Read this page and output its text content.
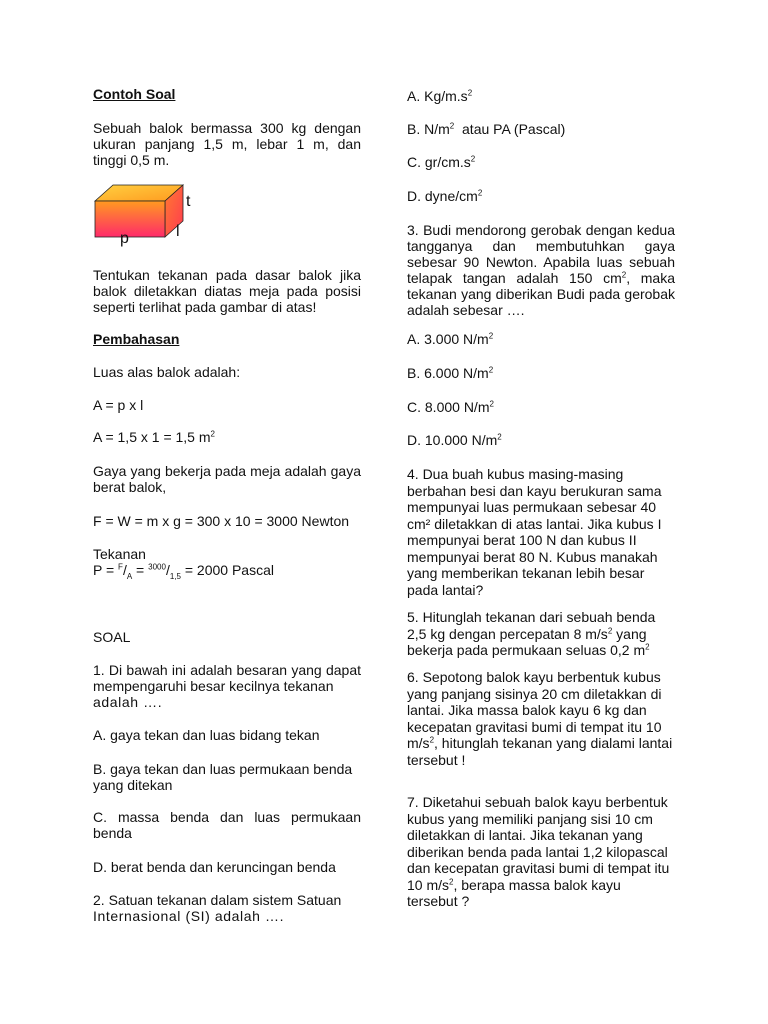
Contoh Soal

Sebuah balok bermassa 300 kg dengan ukuran panjang 1,5 m, lebar 1 m, dan tinggi 0,5 m.

t
l
p

Tentukan tekanan pada dasar balok jika balok diletakkan diatas meja pada posisi seperti terlihat pada gambar di atas!

Pembahasan

Luas alas balok adalah:

A = p x l

A = 1,5 x 1 = 1,5 $m^2$

Gaya yang bekerja pada meja adalah gaya berat balok,

F = W = m x g = 300 x 10 = 3000 Newton

Tekanan

$P = ^F/_A = ^{3000}/_{1,5} = 2000$ Pascal

SOAL

1. Di bawah ini adalah besaran yang dapat mempengaruhi besar kecilnya tekanan

adalah ….

A. gaya tekan dan luas bidang tekan

B. gaya tekan dan luas permukaan benda yang ditekan

C. massa benda dan luas permukaan benda

D. berat benda dan keruncingan benda

2. Satuan tekanan dalam sistem Satuan

Internasional (SI) adalah ….

A. $Kg/m.s^2$

B. $N/m^2$  atau PA (Pascal)

C. $gr/cm.s^2$

D. dyne/$cm^2$

3. Budi mendorong gerobak dengan kedua tangganya dan membutuhkan gaya sebesar 90 Newton. Apabila luas sebuah telapak tangan adalah 150 $cm^2$, maka tekanan yang diberikan Budi pada gerobak adalah sebesar ….

A. 3.000 $N/m^2$

B. 6.000 $N/m^2$

C. 8.000 $N/m^2$

D. 10.000 $N/m^2$

4. Dua buah kubus masing-masing berbahan besi dan kayu berukuran sama mempunyai luas permukaan sebesar 40 cm² diletakkan di atas lantai. Jika kubus I mempunyai berat 100 N dan kubus II mempunyai berat 80 N. Kubus manakah yang memberikan tekanan lebih besar pada lantai?

5. Hitunglah tekanan dari sebuah benda 2,5 kg dengan percepatan 8 $m/s^2$ yang bekerja pada permukaan seluas 0,2 $m^2$

6. Sepotong balok kayu berbentuk kubus yang panjang sisinya 20 cm diletakkan di lantai. Jika massa balok kayu 6 kg dan kecepatan gravitasi bumi di tempat itu 10 $m/s^2$, hitunglah tekanan yang dialami lantai tersebut !

7. Diketahui sebuah balok kayu berbentuk kubus yang memiliki panjang sisi 10 cm diletakkan di lantai. Jika tekanan yang diberikan benda pada lantai 1,2 kilopascal dan kecepatan gravitasi bumi di tempat itu 10 $m/s^2$, berapa massa balok kayu tersebut ?
